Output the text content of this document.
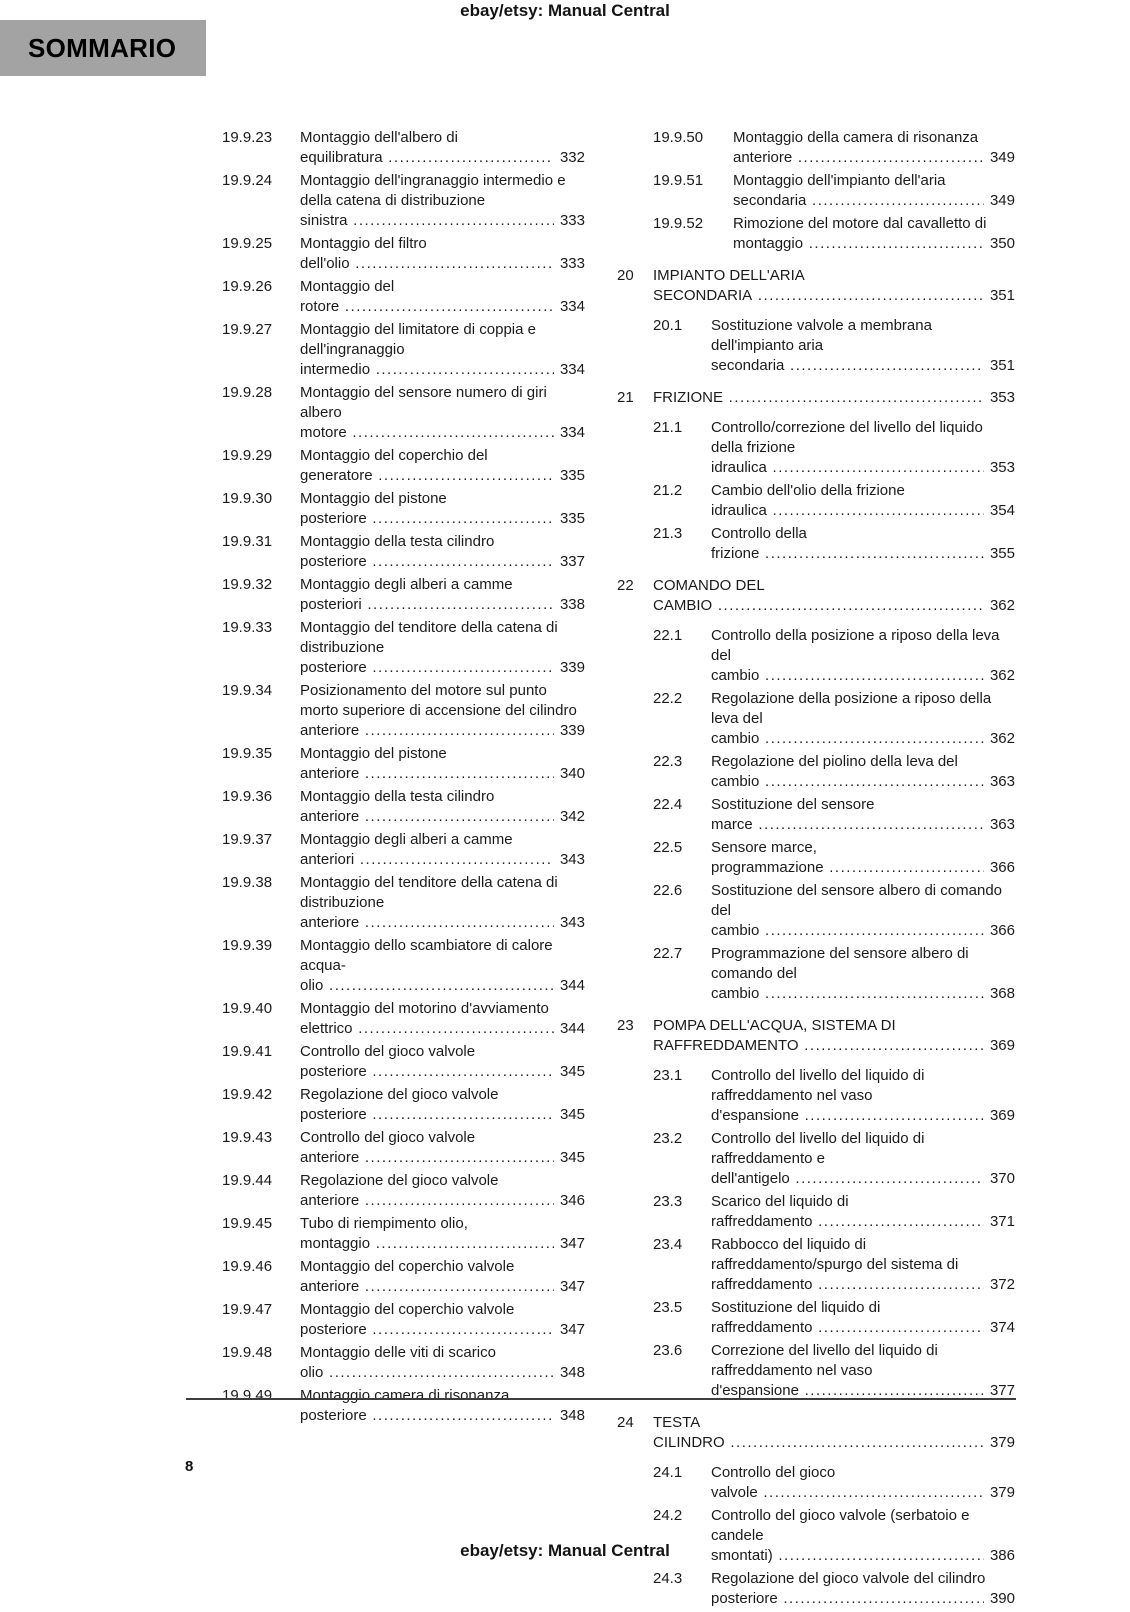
ebay/etsy: Manual Central
SOMMARIO
19.9.23 Montaggio dell'albero di equilibratura .....	332
19.9.24 Montaggio dell'ingranaggio intermedio e della catena di distribuzione sinistra .....	333
19.9.25 Montaggio del filtro dell'olio .....	333
19.9.26 Montaggio del rotore .....	334
19.9.27 Montaggio del limitatore di coppia e dell'ingranaggio intermedio .....	334
19.9.28 Montaggio del sensore numero di giri albero motore .....	334
19.9.29 Montaggio del coperchio del generatore .....	335
19.9.30 Montaggio del pistone posteriore .....	335
19.9.31 Montaggio della testa cilindro posteriore .....	337
19.9.32 Montaggio degli alberi a camme posteriori .....	338
19.9.33 Montaggio del tenditore della catena di distribuzione posteriore .....	339
19.9.34 Posizionamento del motore sul punto morto superiore di accensione del cilindro anteriore .....	339
19.9.35 Montaggio del pistone anteriore .....	340
19.9.36 Montaggio della testa cilindro anteriore .....	342
19.9.37 Montaggio degli alberi a camme anteriori .....	343
19.9.38 Montaggio del tenditore della catena di distribuzione anteriore .....	343
19.9.39 Montaggio dello scambiatore di calore acqua-olio .....	344
19.9.40 Montaggio del motorino d'avviamento elettrico .....	344
19.9.41 Controllo del gioco valvole posteriore .....	345
19.9.42 Regolazione del gioco valvole posteriore .....	345
19.9.43 Controllo del gioco valvole anteriore .....	345
19.9.44 Regolazione del gioco valvole anteriore .....	346
19.9.45 Tubo di riempimento olio, montaggio .....	347
19.9.46 Montaggio del coperchio valvole anteriore .....	347
19.9.47 Montaggio del coperchio valvole posteriore .....	347
19.9.48 Montaggio delle viti di scarico olio .....	348
19.9.49 Montaggio camera di risonanza posteriore .....	348
19.9.50 Montaggio della camera di risonanza anteriore .....	349
19.9.51 Montaggio dell'impianto dell'aria secondaria .....	349
19.9.52 Rimozione del motore dal cavalletto di montaggio .....	350
20 IMPIANTO DELL'ARIA SECONDARIA .....	351
20.1 Sostituzione valvole a membrana dell'impianto aria secondaria .....	351
21 FRIZIONE .....	353
21.1 Controllo/correzione del livello del liquido della frizione idraulica .....	353
21.2 Cambio dell'olio della frizione idraulica .....	354
21.3 Controllo della frizione .....	355
22 COMANDO DEL CAMBIO .....	362
22.1 Controllo della posizione a riposo della leva del cambio .....	362
22.2 Regolazione della posizione a riposo della leva del cambio .....	362
22.3 Regolazione del piolino della leva del cambio .....	363
22.4 Sostituzione del sensore marce .....	363
22.5 Sensore marce, programmazione .....	366
22.6 Sostituzione del sensore albero di comando del cambio .....	366
22.7 Programmazione del sensore albero di comando del cambio .....	368
23 POMPA DELL'ACQUA, SISTEMA DI RAFFREDDAMENTO .....	369
23.1 Controllo del livello del liquido di raffreddamento nel vaso d'espansione .....	369
23.2 Controllo del livello del liquido di raffreddamento e dell'antigelo .....	370
23.3 Scarico del liquido di raffreddamento .....	371
23.4 Rabbocco del liquido di raffreddamento/spurgo del sistema di raffreddamento .....	372
23.5 Sostituzione del liquido di raffreddamento .....	374
23.6 Correzione del livello del liquido di raffreddamento nel vaso d'espansione .....	377
24 TESTA CILINDRO .....	379
24.1 Controllo del gioco valvole .....	379
24.2 Controllo del gioco valvole (serbatoio e candele smontati) .....	386
24.3 Regolazione del gioco valvole del cilindro posteriore .....	390
8
ebay/etsy: Manual Central
